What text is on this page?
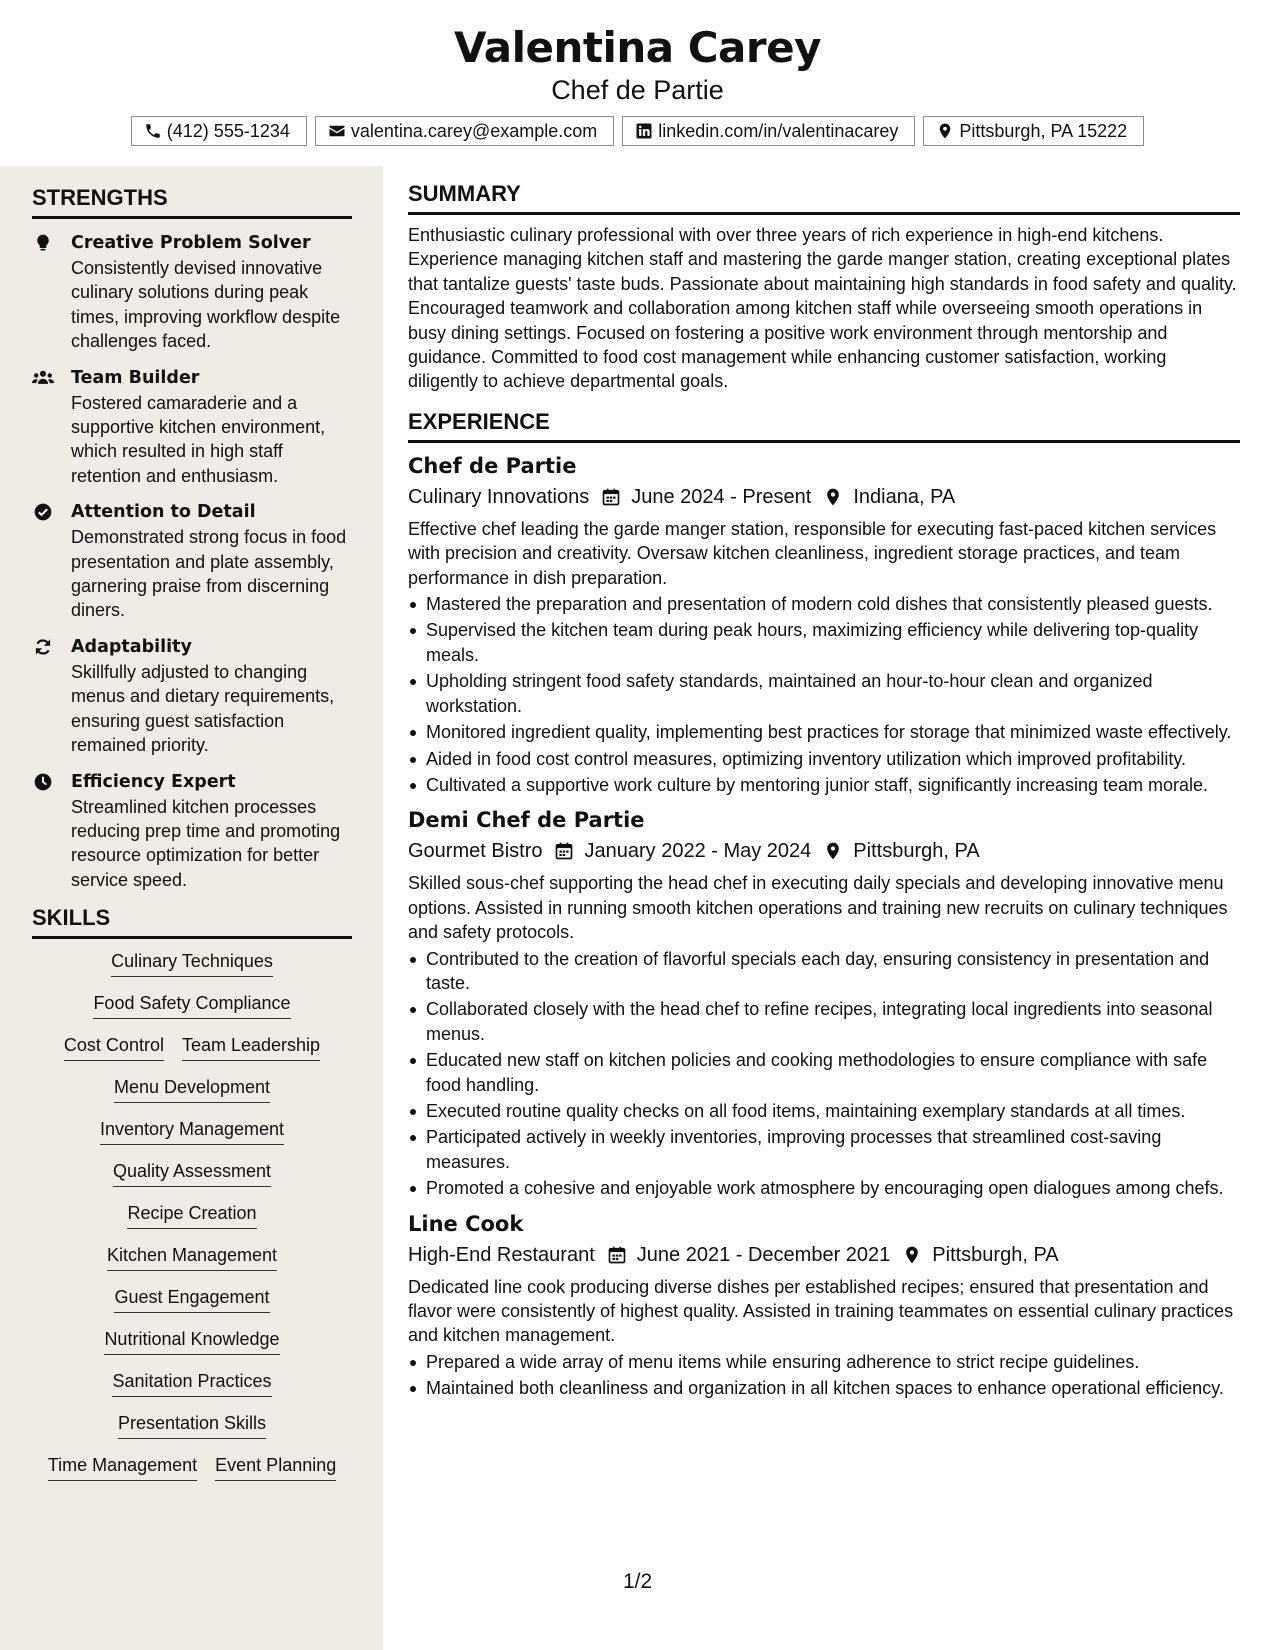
Valentina Carey
Chef de Partie
(412) 555-1234	valentina.carey@example.com	linkedin.com/in/valentinacarey	Pittsburgh, PA 15222
STRENGTHS
Creative Problem Solver
Consistently devised innovative culinary solutions during peak times, improving workflow despite challenges faced.
Team Builder
Fostered camaraderie and a supportive kitchen environment, which resulted in high staff retention and enthusiasm.
Attention to Detail
Demonstrated strong focus in food presentation and plate assembly, garnering praise from discerning diners.
Adaptability
Skillfully adjusted to changing menus and dietary requirements, ensuring guest satisfaction remained priority.
Efficiency Expert
Streamlined kitchen processes reducing prep time and promoting resource optimization for better service speed.
SKILLS
Culinary Techniques
Food Safety Compliance
Cost Control Team Leadership
Menu Development
Inventory Management
Quality Assessment
Recipe Creation
Kitchen Management
Guest Engagement
Nutritional Knowledge
Sanitation Practices
Presentation Skills
Time Management Event Planning
SUMMARY
Enthusiastic culinary professional with over three years of rich experience in high-end kitchens. Experience managing kitchen staff and mastering the garde manger station, creating exceptional plates that tantalize guests' taste buds. Passionate about maintaining high standards in food safety and quality. Encouraged teamwork and collaboration among kitchen staff while overseeing smooth operations in busy dining settings. Focused on fostering a positive work environment through mentorship and guidance. Committed to food cost management while enhancing customer satisfaction, working diligently to achieve departmental goals.
EXPERIENCE
Chef de Partie
Culinary Innovations June 2024 - Present Indiana, PA
Effective chef leading the garde manger station, responsible for executing fast-paced kitchen services with precision and creativity. Oversaw kitchen cleanliness, ingredient storage practices, and team performance in dish preparation.
Mastered the preparation and presentation of modern cold dishes that consistently pleased guests.
Supervised the kitchen team during peak hours, maximizing efficiency while delivering top-quality meals.
Upholding stringent food safety standards, maintained an hour-to-hour clean and organized workstation.
Monitored ingredient quality, implementing best practices for storage that minimized waste effectively.
Aided in food cost control measures, optimizing inventory utilization which improved profitability.
Cultivated a supportive work culture by mentoring junior staff, significantly increasing team morale.
Demi Chef de Partie
Gourmet Bistro January 2022 - May 2024 Pittsburgh, PA
Skilled sous-chef supporting the head chef in executing daily specials and developing innovative menu options. Assisted in running smooth kitchen operations and training new recruits on culinary techniques and safety protocols.
Contributed to the creation of flavorful specials each day, ensuring consistency in presentation and taste.
Collaborated closely with the head chef to refine recipes, integrating local ingredients into seasonal menus.
Educated new staff on kitchen policies and cooking methodologies to ensure compliance with safe food handling.
Executed routine quality checks on all food items, maintaining exemplary standards at all times.
Participated actively in weekly inventories, improving processes that streamlined cost-saving measures.
Promoted a cohesive and enjoyable work atmosphere by encouraging open dialogues among chefs.
Line Cook
High-End Restaurant June 2021 - December 2021 Pittsburgh, PA
Dedicated line cook producing diverse dishes per established recipes; ensured that presentation and flavor were consistently of highest quality. Assisted in training teammates on essential culinary practices and kitchen management.
Prepared a wide array of menu items while ensuring adherence to strict recipe guidelines.
Maintained both cleanliness and organization in all kitchen spaces to enhance operational efficiency.
1/2
